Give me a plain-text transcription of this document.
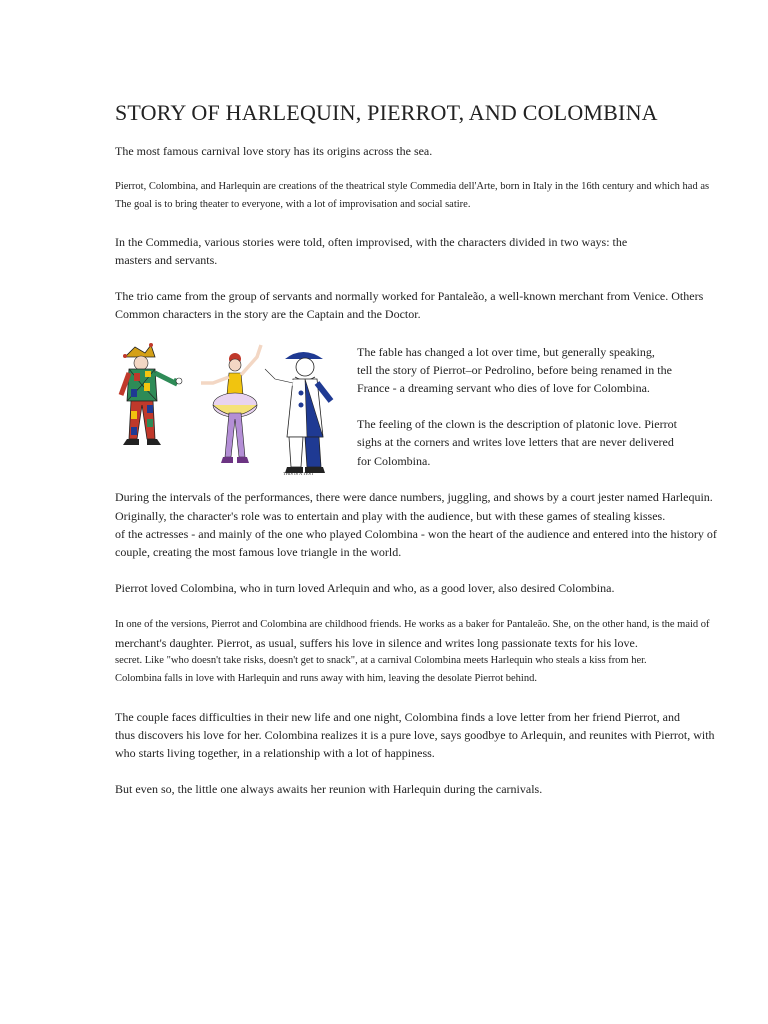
STORY OF HARLEQUIN, PIERROT, AND COLOMBINA
The most famous carnival love story has its origins across the sea.
Pierrot, Colombina, and Harlequin are creations of the theatrical style Commedia dell'Arte, born in Italy in the 16th century and which had as
The goal is to bring theater to everyone, with a lot of improvisation and social satire.
In the Commedia, various stories were told, often improvised, with the characters divided in two ways: the
masters and servants.
The trio came from the group of servants and normally worked for Pantaleão, a well-known merchant from Venice. Others
Common characters in the story are the Captain and the Doctor.
THIS IS A TEST
The fable has changed a lot over time, but generally speaking,
tell the story of Pierrot–or Pedrolino, before being renamed in the
France - a dreaming servant who dies of love for Colombina.
The feeling of the clown is the description of platonic love. Pierrot
sighs at the corners and writes love letters that are never delivered
for Colombina.
During the intervals of the performances, there were dance numbers, juggling, and shows by a court jester named Harlequin.
Originally, the character's role was to entertain and play with the audience, but with these games of stealing kisses.
of the actresses - and mainly of the one who played Colombina - won the heart of the audience and entered into the history of
couple, creating the most famous love triangle in the world.
Pierrot loved Colombina, who in turn loved Arlequin and who, as a good lover, also desired Colombina.
In one of the versions, Pierrot and Colombina are childhood friends. He works as a baker for Pantaleão. She, on the other hand, is the maid of
merchant's daughter. Pierrot, as usual, suffers his love in silence and writes long passionate texts for his love.
secret. Like "who doesn't take risks, doesn't get to snack", at a carnival Colombina meets Harlequin who steals a kiss from her.
Colombina falls in love with Harlequin and runs away with him, leaving the desolate Pierrot behind.
The couple faces difficulties in their new life and one night, Colombina finds a love letter from her friend Pierrot, and
thus discovers his love for her. Colombina realizes it is a pure love, says goodbye to Arlequin, and reunites with Pierrot, with
who starts living together, in a relationship with a lot of happiness.
But even so, the little one always awaits her reunion with Harlequin during the carnivals.
